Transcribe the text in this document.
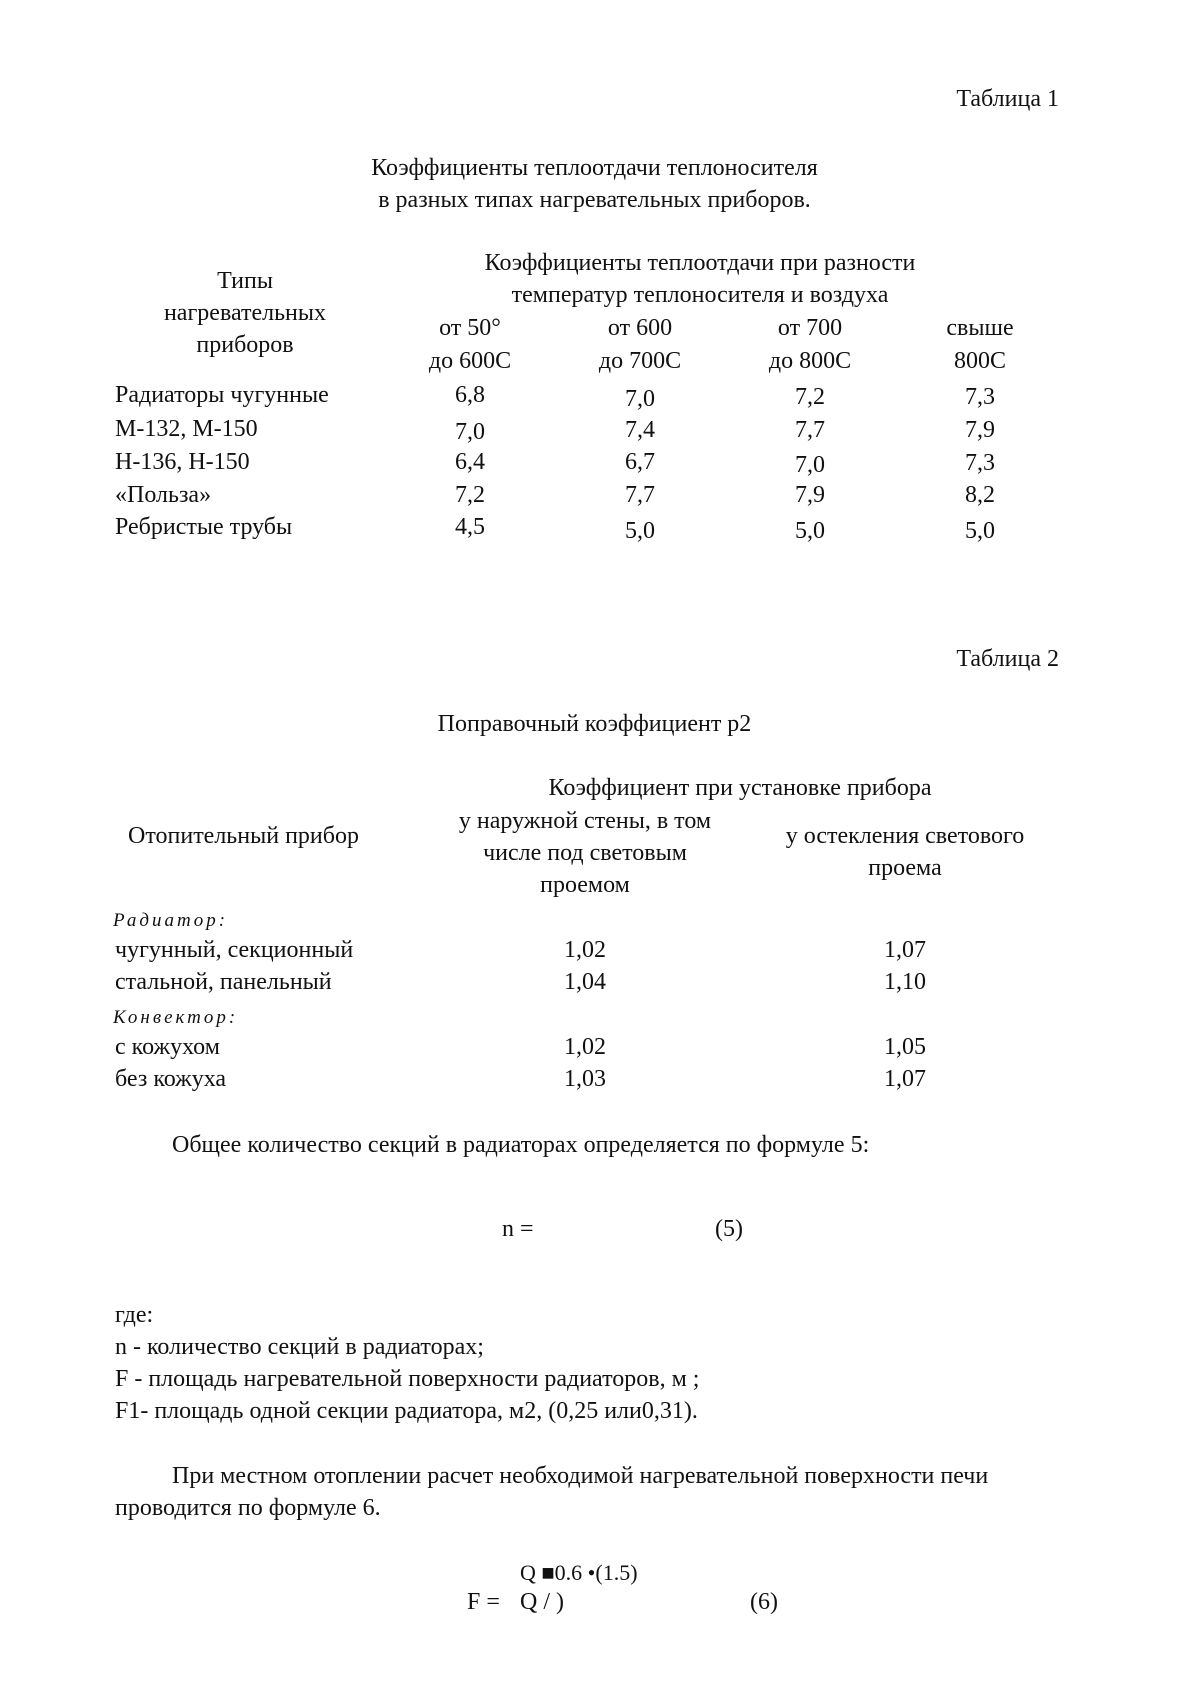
Таблица 1
Коэффициенты теплоотдачи теплоносителя
в разных типах нагревательных приборов.
Типы
нагревательных
приборов
Коэффициенты теплоотдачи при разности
температур теплоносителя и воздуха
от 50°
до 600С
от 600
до 700С
от 700
до 800С
свыше
800С
Радиаторы чугунные	6,8	7,0	7,2	7,3
М-132, М-150	7,0	7,4	7,7	7,9
Н-136, Н-150	6,4	6,7	7,0	7,3
«Польза»	7,2	7,7	7,9	8,2
Ребристые трубы	4,5	5,0	5,0	5,0
Таблица 2
Поправочный коэффициент р2
Отопительный прибор
Коэффициент при установке прибора
у наружной стены, в том
числе под световым
проемом
у остекления светового
проема
Радиатор:
чугунный, секционный	1,02	1,07
стальной, панельный	1,04	1,10
Конвектор:
с кожухом	1,02	1,05
без кожуха	1,03	1,07
Общее количество секций в радиаторах определяется по формуле 5:
n =	(5)
где:
n - количество секций в радиаторах;
F - площадь нагревательной поверхности радиаторов, м ;
F1- площадь одной секции радиатора, м2, (0,25 или0,31).
При местном отоплении расчет необходимой нагревательной поверхности печи
проводится по формуле 6.
Q ■0.6 •(1.5)
F = Q / )	(6)
